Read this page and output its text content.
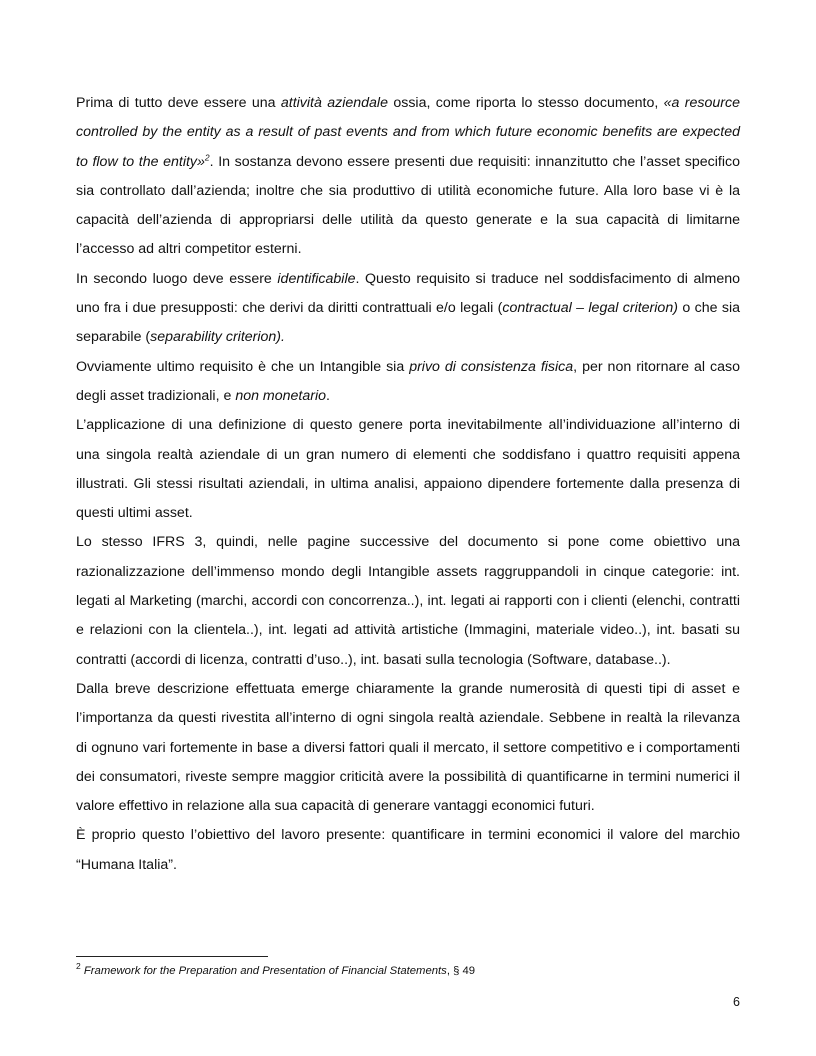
Prima di tutto deve essere una attività aziendale ossia, come riporta lo stesso documento, «a resource controlled by the entity as a result of past events and from which future economic benefits are expected to flow to the entity»$^2$. In sostanza devono essere presenti due requisiti: innanzitutto che l’asset specifico sia controllato dall’azienda; inoltre che sia produttivo di utilità economiche future. Alla loro base vi è la capacità dell’azienda di appropriarsi delle utilità da questo generate e la sua capacità di limitarne l’accesso ad altri competitor esterni.

In secondo luogo deve essere identificabile. Questo requisito si traduce nel soddisfacimento di almeno uno fra i due presupposti: che derivi da diritti contrattuali e/o legali (contractual – legal criterion) o che sia separabile (separability criterion).

Ovviamente ultimo requisito è che un Intangible sia privo di consistenza fisica, per non ritornare al caso degli asset tradizionali, e non monetario.

L’applicazione di una definizione di questo genere porta inevitabilmente all’individuazione all’interno di una singola realtà aziendale di un gran numero di elementi che soddisfano i quattro requisiti appena illustrati. Gli stessi risultati aziendali, in ultima analisi, appaiono dipendere fortemente dalla presenza di questi ultimi asset.

Lo stesso IFRS 3, quindi, nelle pagine successive del documento si pone come obiettivo una razionalizzazione dell’immenso mondo degli Intangible assets raggruppandoli in cinque categorie: int. legati al Marketing (marchi, accordi con concorrenza..), int. legati ai rapporti con i clienti (elenchi, contratti e relazioni con la clientela..), int. legati ad attività artistiche (Immagini, materiale video..), int. basati su contratti (accordi di licenza, contratti d’uso..), int. basati sulla tecnologia (Software, database..).

Dalla breve descrizione effettuata emerge chiaramente la grande numerosità di questi tipi di asset e l’importanza da questi rivestita all’interno di ogni singola realtà aziendale. Sebbene in realtà la rilevanza di ognuno vari fortemente in base a diversi fattori quali il mercato, il settore competitivo e i comportamenti dei consumatori, riveste sempre maggior criticità avere la possibilità di quantificarne in termini numerici il valore effettivo in relazione alla sua capacità di generare vantaggi economici futuri.

È proprio questo l’obiettivo del lavoro presente: quantificare in termini economici il valore del marchio “Humana Italia”.

$^2$ Framework for the Preparation and Presentation of Financial Statements, § 49
6
